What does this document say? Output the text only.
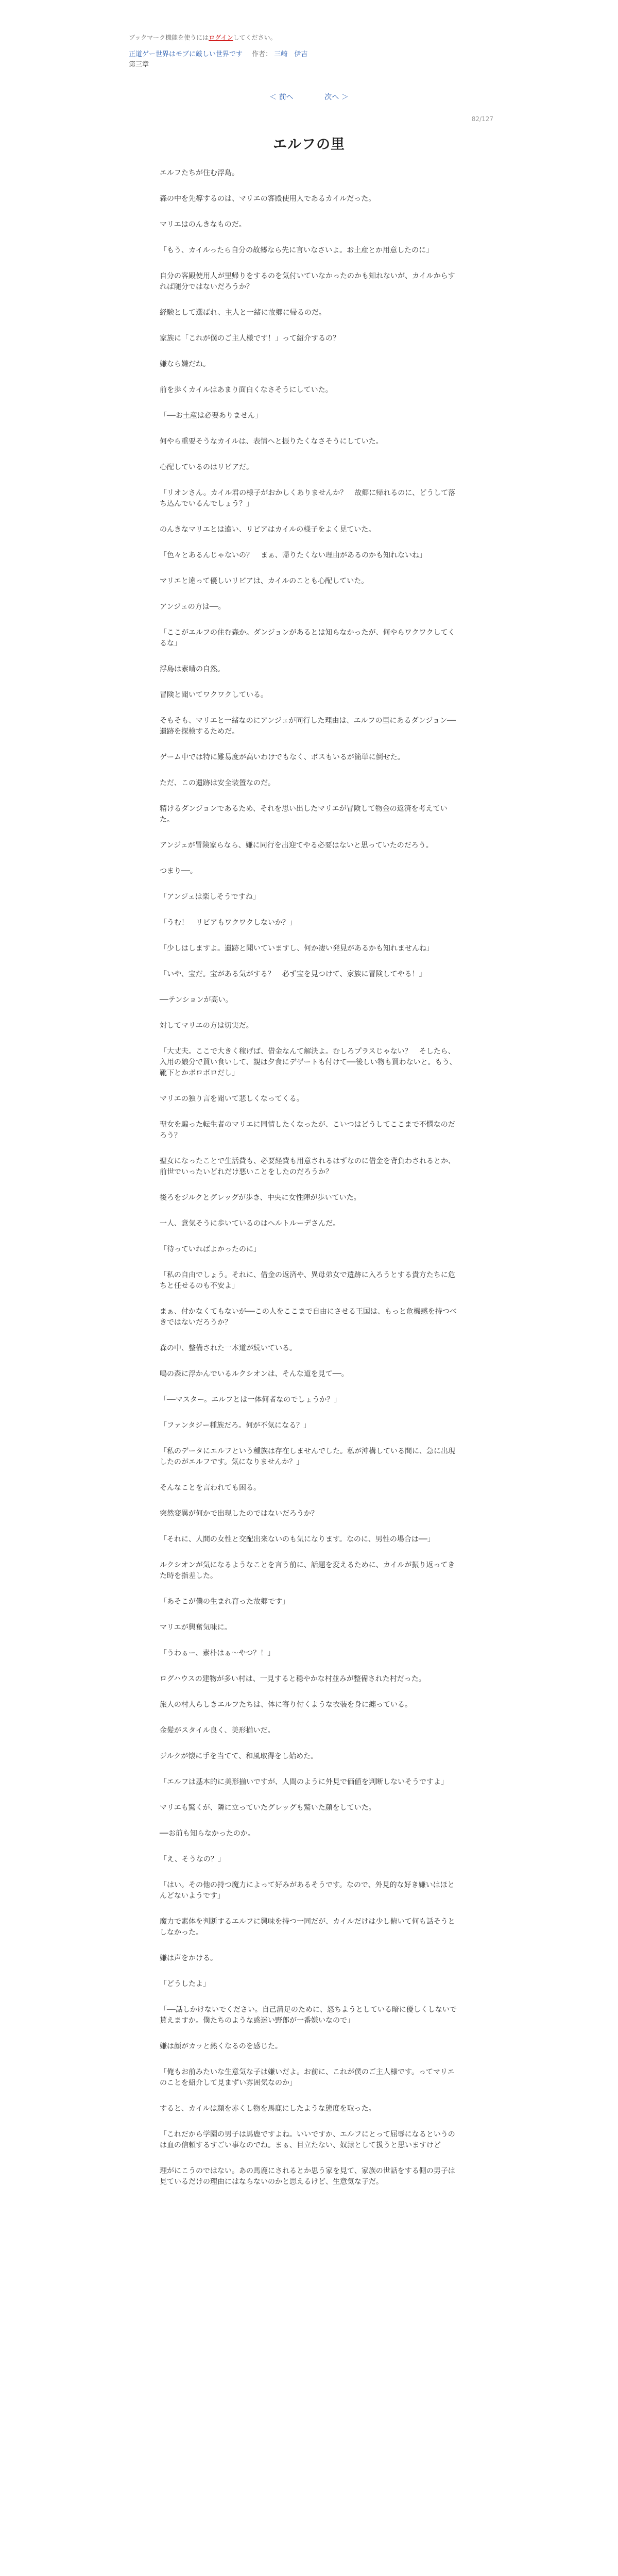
ブックマーク機能を使うにはログインしてください。
正道ゲー世界はモブに厳しい世界です 作者： 三崎　伊吉
第三章
＜ 前へ	次へ ＞
82/127
エルフの里

エルフたちが住む浮島。

森の中を先導するのは、マリエの客殿使用人であるカイルだった。

マリエはのんきなものだ。

「もう、カイルったら自分の故郷なら先に言いなさいよ。お土産とか用意したのに」

自分の客殿使用人が里帰りをするのを気付いていなかったのかも知れないが、カイルからすれば随分ではないだろうか？

経験として選ばれ、主人と一緒に故郷に帰るのだ。

家族に「これが僕のご主人様です！」って紹介するの？

嫌なら嫌だね。

前を歩くカイルはあまり面白くなさそうにしていた。

「──お土産は必要ありません」

何やら重要そうなカイルは、表情へと振りたくなさそうにしていた。

心配しているのはリビアだ。

「リオンさん。カイル君の様子がおかしくありませんか？　故郷に帰れるのに、どうして落ち込んでいるんでしょう？」

のんきなマリエとは違い、リビアはカイルの様子をよく見ていた。

「色々とあるんじゃないの？　まぁ、帰りたくない理由があるのかも知れないね」

マリエと違って優しいリビアは、カイルのことも心配していた。

アンジェの方は──。

「ここがエルフの住む森か。ダンジョンがあるとは知らなかったが、何やらワクワクしてくるな」

浮島は素晴の自然。

冒険と聞いてワクワクしている。

そもそも、マリエと一緒なのにアンジェが同行した理由は、エルフの里にあるダンジョン──遺跡を探検するためだ。

ゲーム中では特に難易度が高いわけでもなく、ボスもいるが簡単に倒せた。

ただ、この遺跡は安全装置なのだ。

精けるダンジョンであるため、それを思い出したマリエが冒険して物金の返済を考えていた。

アンジェが冒険家らなら、嫌に同行を出迎てやる必要はないと思っていたのだろう。

つまり──。

「アンジェは楽しそうですね」

「うむ！　リビアもワクワクしないか？」

「少しはしますよ。遺跡と聞いていますし、何か凄い発見があるかも知れませんね」

「いや、宝だ。宝がある気がする？　必ず宝を見つけて、家族に冒険してやる！」

──テンションが高い。

対してマリエの方は切実だ。

「大丈夫。ここで大きく稼げば、借金なんて解決よ。むしろプラスじゃない？　そしたら、入用の娘分で買い食いして、親は夕食にデザートも付けて──後しい物も買わないと。もう、靴下とかボロボロだし」

マリエの独り言を聞いて悲しくなってくる。

聖女を騙った転生者のマリエに同情したくなったが、こいつはどうしてここまで不憫なのだろう？

聖女になったことで生活費も、必要経費も用意されるはずなのに借金を背負わされるとか、前世でいったいどれだけ悪いことをしたのだろうか？

後ろをジルクとグレッグが歩き、中央に女性陣が歩いていた。

一人、意気そうに歩いているのはヘルトルーデさんだ。

「待っていればよかったのに」

「私の自由でしょう。それに、借金の返済や、異母弟女で遺跡に入ろうとする貴方たちに危ちと任せるのも不安よ」

まぁ、付かなくてもないが──この人をここまで自由にさせる王国は、もっと危機感を持つべきではないだろうか？

森の中、整備された一本道が続いている。

鳴の森に浮かんでいるルクシオンは、そんな道を見て──。

「──マスター。エルフとは一体何者なのでしょうか？」

「ファンタジー種族だろ。何が不気になる？」

「私のデータにエルフという種族は存在しませんでした。私が沖構している間に、急に出現したのがエルフです。気になりませんか？」

そんなことを言われても困る。

突然変異が何かで出現したのではないだろうか？

「それに、人間の女性と交配出来ないのも気になります。なのに、男性の場合は──」

ルクシオンが気になるようなことを言う前に、話題を変えるために、カイルが振り返ってきた時を指差した。

「あそこが僕の生まれ育った故郷です」

マリエが興奮気味に。

「うわぁー、素朴はぁ〜やつ？！」

ログハウスの建物が多い村は、一見すると穏やかな村並みが整備された村だった。

旅人の村人らしきエルフたちは、体に寄り付くような衣装を身に纏っている。

金髪がスタイル良く、美形揃いだ。

ジルクが懐に手を当てて、和風取得をし始めた。

「エルフは基本的に美形揃いですが、人間のように外見で価値を判断しないそうですよ」

マリエも驚くが、隣に立っていたグレッグも驚いた顔をしていた。

──お前も知らなかったのか。

「え、そうなの？」

「はい。その他の持つ魔力によって好みがあるそうです。なので、外見的な好き嫌いはほとんどないようです」

魔力で素体を判断するエルフに興味を持つ一同だが、カイルだけは少し俯いて何も話そうとしなかった。

嫌は声をかける。

「どうしたよ」

「──話しかけないでください。自己満足のために、怒ちようとしている暗に優しくしないで貰えますか。僕たちのような惑迷い野郎が一番嫌いなので」

嫌は顔がカッと熱くなるのを感じた。

「俺もお前みたいな生意気な子は嫌いだよ。お前に、これが僕のご主人様です。ってマリエのことを紹介して見まずい雰囲気なのか」

すると、カイルは顔を赤くし物を馬鹿にしたような態度を取った。

「これだから学園の男子は馬鹿ですよね。いいですか、エルフにとって屈辱になるというのは血の信頼するすごい事なのでね。まぁ、目立たない、奴隷として扱うと思いますけど

理がにこうのではない。あの馬鹿にされるとか思う家を見て、家族の世話をする側の男子は見ているだけの理由にはならないのかと思えるけど、生意気な子だ。
